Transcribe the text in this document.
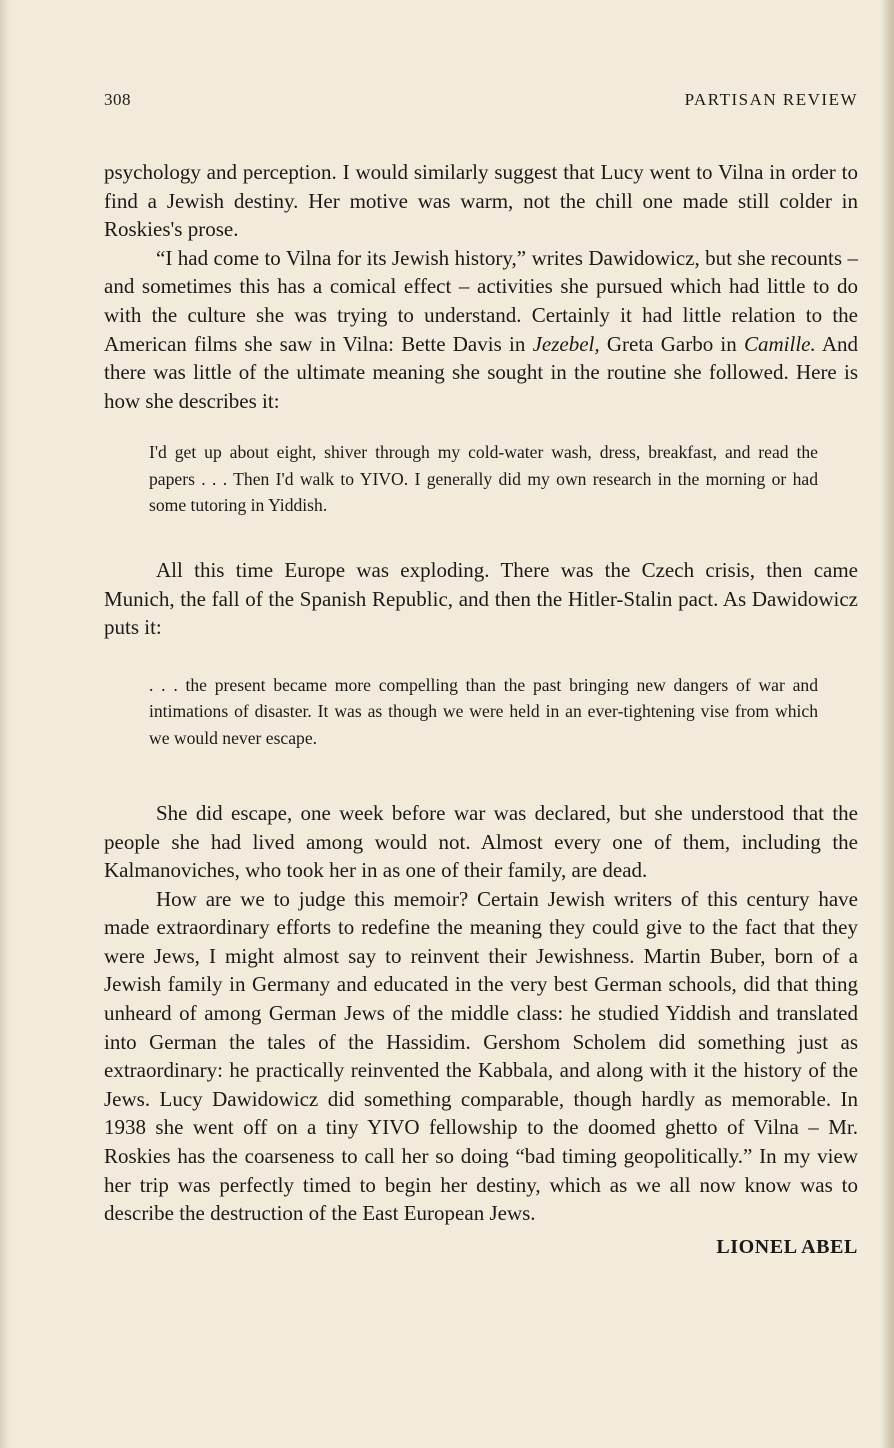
308	PARTISAN REVIEW

psychology and perception. I would similarly suggest that Lucy went to Vilna in order to find a Jewish destiny. Her motive was warm, not the chill one made still colder in Roskies's prose.

“I had come to Vilna for its Jewish history,” writes Dawidowicz, but she recounts – and sometimes this has a comical effect – activities she pursued which had little to do with the culture she was trying to understand. Certainly it had little relation to the American films she saw in Vilna: Bette Davis in Jezebel, Greta Garbo in Camille. And there was little of the ultimate meaning she sought in the routine she followed. Here is how she describes it:

I'd get up about eight, shiver through my cold-water wash, dress, breakfast, and read the papers . . . Then I'd walk to YIVO. I generally did my own research in the morning or had some tutoring in Yiddish.

All this time Europe was exploding. There was the Czech crisis, then came Munich, the fall of the Spanish Republic, and then the Hitler-Stalin pact. As Dawidowicz puts it:

. . . the present became more compelling than the past bringing new dangers of war and intimations of disaster. It was as though we were held in an ever-tightening vise from which we would never escape.

She did escape, one week before war was declared, but she understood that the people she had lived among would not. Almost every one of them, including the Kalmanoviches, who took her in as one of their family, are dead.

How are we to judge this memoir? Certain Jewish writers of this century have made extraordinary efforts to redefine the meaning they could give to the fact that they were Jews, I might almost say to reinvent their Jewishness. Martin Buber, born of a Jewish family in Germany and educated in the very best German schools, did that thing unheard of among German Jews of the middle class: he studied Yiddish and translated into German the tales of the Hassidim. Gershom Scholem did something just as extraordinary: he practically reinvented the Kabbala, and along with it the history of the Jews. Lucy Dawidowicz did something comparable, though hardly as memorable. In 1938 she went off on a tiny YIVO fellowship to the doomed ghetto of Vilna – Mr. Roskies has the coarseness to call her so doing “bad timing geopolitically.” In my view her trip was perfectly timed to begin her destiny, which as we all now know was to describe the destruction of the East European Jews.

LIONEL ABEL
